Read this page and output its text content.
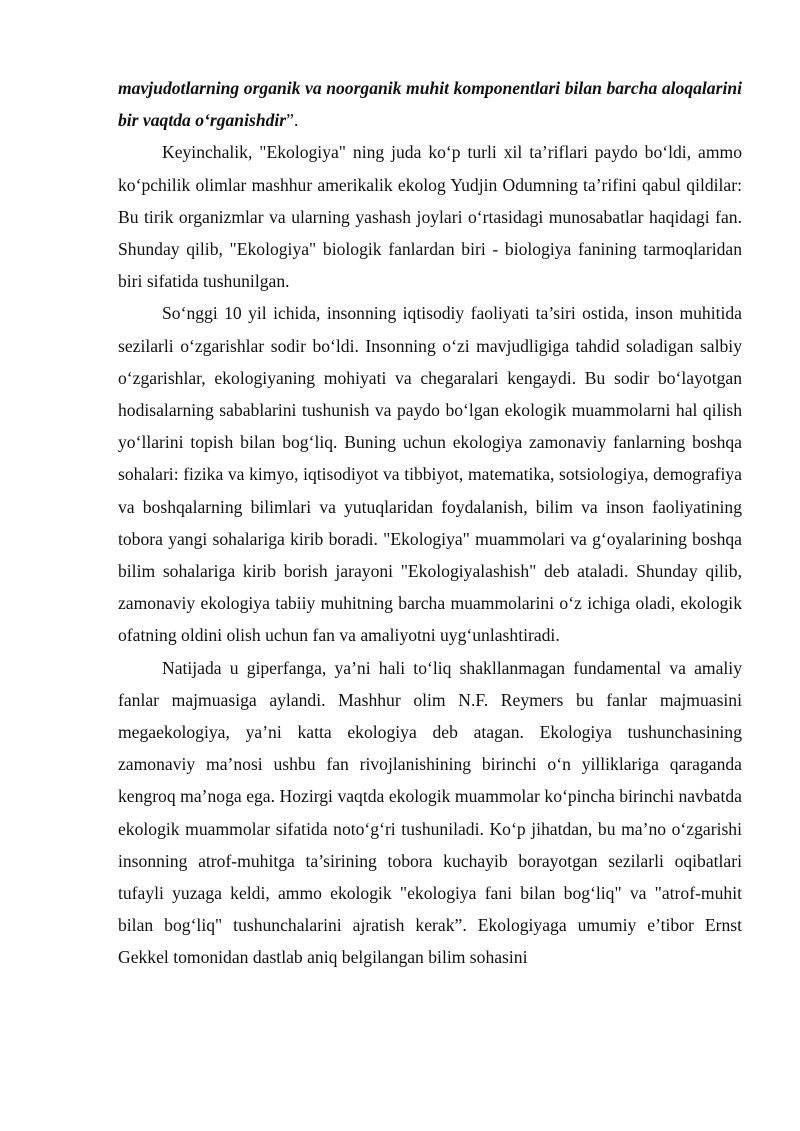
mavjudotlarning organik va noorganik muhit komponentlari bilan barcha aloqalarini bir vaqtda o‘rganishdir”.

Keyinchalik, "Ekologiya" ning juda ko‘p turli xil ta’riflari paydo bo‘ldi, ammo ko‘pchilik olimlar mashhur amerikalik ekolog Yudjin Odumning ta’rifini qabul qildilar: Bu tirik organizmlar va ularning yashash joylari o‘rtasidagi munosabatlar haqidagi fan. Shunday qilib, "Ekologiya" biologik fanlardan biri - biologiya fanining tarmoqlaridan biri sifatida tushunilgan.

So‘nggi 10 yil ichida, insonning iqtisodiy faoliyati ta’siri ostida, inson muhitida sezilarli o‘zgarishlar sodir bo‘ldi. Insonning o‘zi mavjudligiga tahdid soladigan salbiy o‘zgarishlar, ekologiyaning mohiyati va chegaralari kengaydi. Bu sodir bo‘layotgan hodisalarning sabablarini tushunish va paydo bo‘lgan ekologik muammolarni hal qilish yo‘llarini topish bilan bog‘liq. Buning uchun ekologiya zamonaviy fanlarning boshqa sohalari: fizika va kimyo, iqtisodiyot va tibbiyot, matematika, sotsiologiya, demografiya va boshqalarning bilimlari va yutuqlaridan foydalanish, bilim va inson faoliyatining tobora yangi sohalariga kirib boradi. "Ekologiya" muammolari va g‘oyalarining boshqa bilim sohalariga kirib borish jarayoni "Ekologiyalashish" deb ataladi. Shunday qilib, zamonaviy ekologiya tabiiy muhitning barcha muammolarini o‘z ichiga oladi, ekologik ofatning oldini olish uchun fan va amaliyotni uyg‘unlashtiradi.

Natijada u giperfanga, ya’ni hali to‘liq shakllanmagan fundamental va amaliy fanlar majmuasiga aylandi. Mashhur olim N.F. Reymers bu fanlar majmuasini megaekologiya, ya’ni katta ekologiya deb atagan. Ekologiya tushunchasining zamonaviy ma’nosi ushbu fan rivojlanishining birinchi o‘n yilliklariga qaraganda kengroq ma’noga ega. Hozirgi vaqtda ekologik muammolar ko‘pincha birinchi navbatda ekologik muammolar sifatida noto‘g‘ri tushuniladi. Ko‘p jihatdan, bu ma’no o‘zgarishi insonning atrof-muhitga ta’sirining tobora kuchayib borayotgan sezilarli oqibatlari tufayli yuzaga keldi, ammo ekologik "ekologiya fani bilan bog‘liq" va "atrof-muhit bilan bog‘liq" tushunchalarini ajratish kerak”. Ekologiyaga umumiy e’tibor Ernst Gekkel tomonidan dastlab aniq belgilangan bilim sohasini
